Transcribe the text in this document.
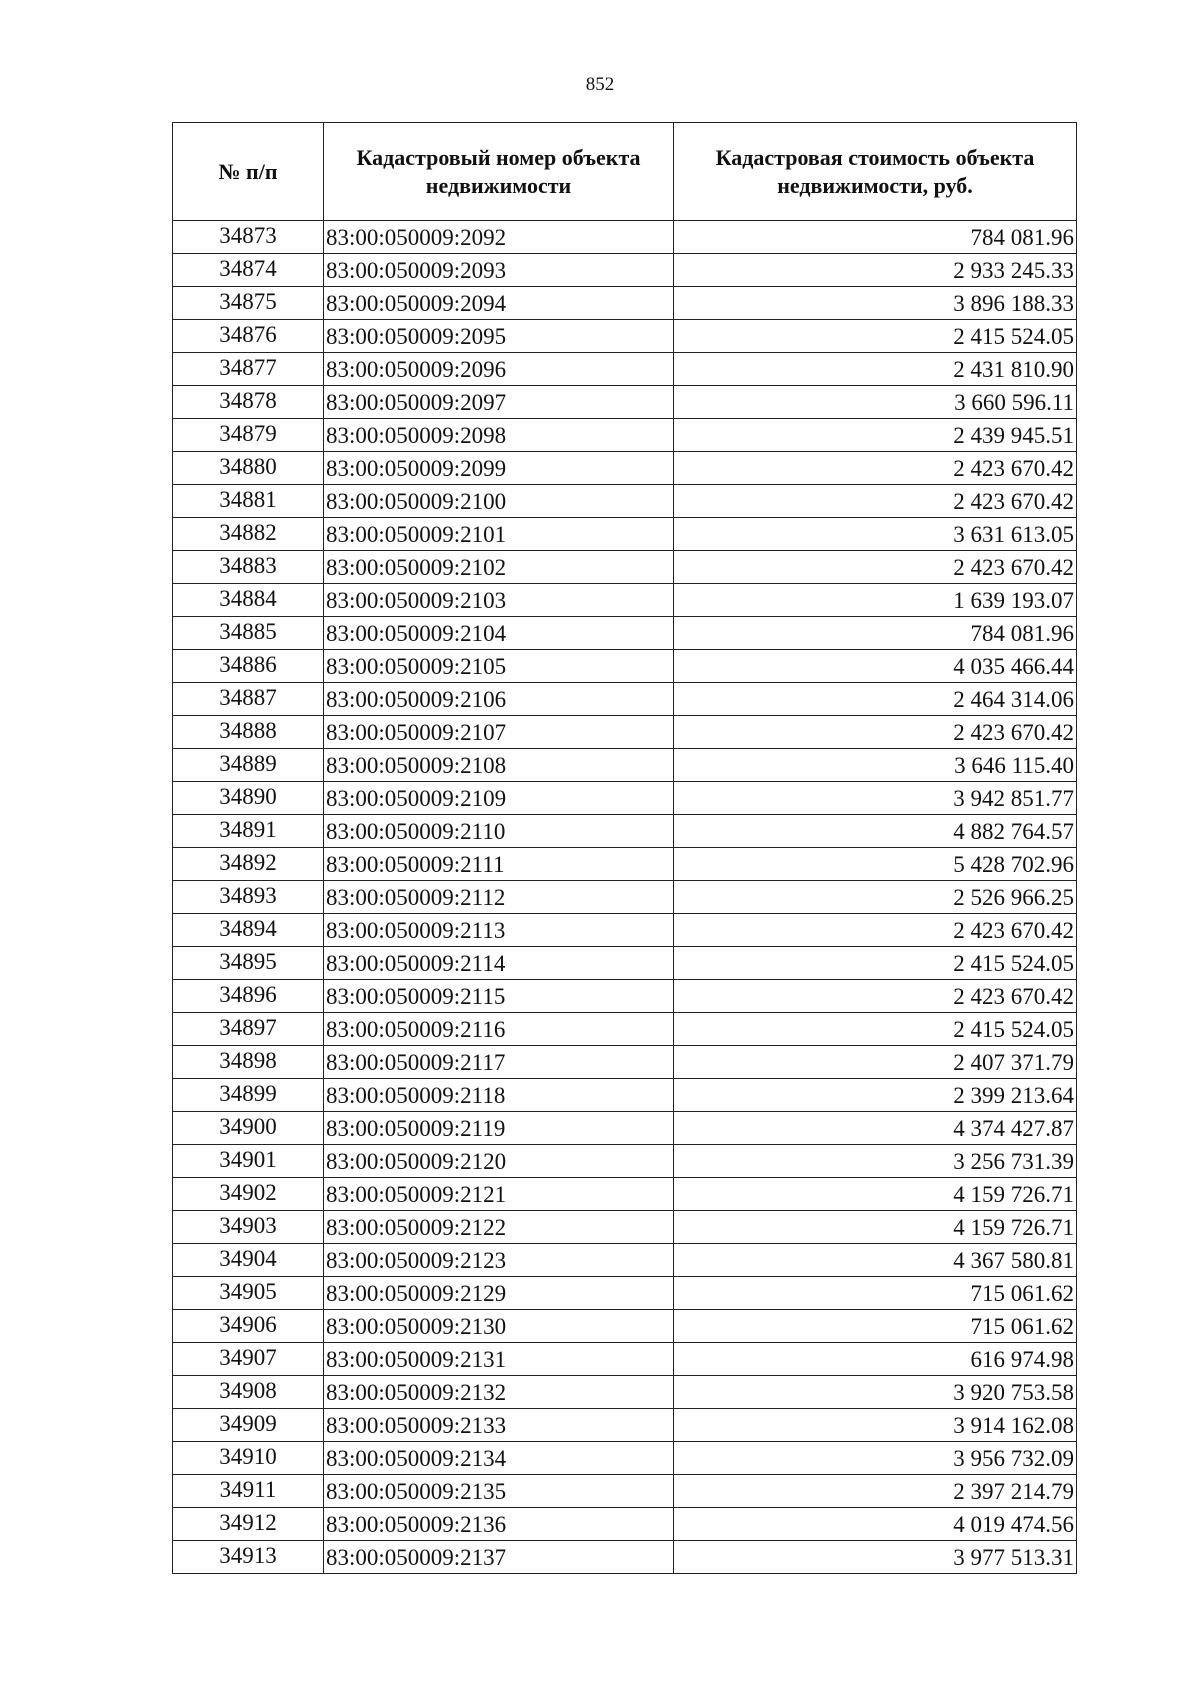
852
№ п/п	Кадастровый номер объекта недвижимости	Кадастровая стоимость объекта недвижимости, руб.
34873	83:00:050009:2092	784 081.96
34874	83:00:050009:2093	2 933 245.33
34875	83:00:050009:2094	3 896 188.33
34876	83:00:050009:2095	2 415 524.05
34877	83:00:050009:2096	2 431 810.90
34878	83:00:050009:2097	3 660 596.11
34879	83:00:050009:2098	2 439 945.51
34880	83:00:050009:2099	2 423 670.42
34881	83:00:050009:2100	2 423 670.42
34882	83:00:050009:2101	3 631 613.05
34883	83:00:050009:2102	2 423 670.42
34884	83:00:050009:2103	1 639 193.07
34885	83:00:050009:2104	784 081.96
34886	83:00:050009:2105	4 035 466.44
34887	83:00:050009:2106	2 464 314.06
34888	83:00:050009:2107	2 423 670.42
34889	83:00:050009:2108	3 646 115.40
34890	83:00:050009:2109	3 942 851.77
34891	83:00:050009:2110	4 882 764.57
34892	83:00:050009:2111	5 428 702.96
34893	83:00:050009:2112	2 526 966.25
34894	83:00:050009:2113	2 423 670.42
34895	83:00:050009:2114	2 415 524.05
34896	83:00:050009:2115	2 423 670.42
34897	83:00:050009:2116	2 415 524.05
34898	83:00:050009:2117	2 407 371.79
34899	83:00:050009:2118	2 399 213.64
34900	83:00:050009:2119	4 374 427.87
34901	83:00:050009:2120	3 256 731.39
34902	83:00:050009:2121	4 159 726.71
34903	83:00:050009:2122	4 159 726.71
34904	83:00:050009:2123	4 367 580.81
34905	83:00:050009:2129	715 061.62
34906	83:00:050009:2130	715 061.62
34907	83:00:050009:2131	616 974.98
34908	83:00:050009:2132	3 920 753.58
34909	83:00:050009:2133	3 914 162.08
34910	83:00:050009:2134	3 956 732.09
34911	83:00:050009:2135	2 397 214.79
34912	83:00:050009:2136	4 019 474.56
34913	83:00:050009:2137	3 977 513.31
